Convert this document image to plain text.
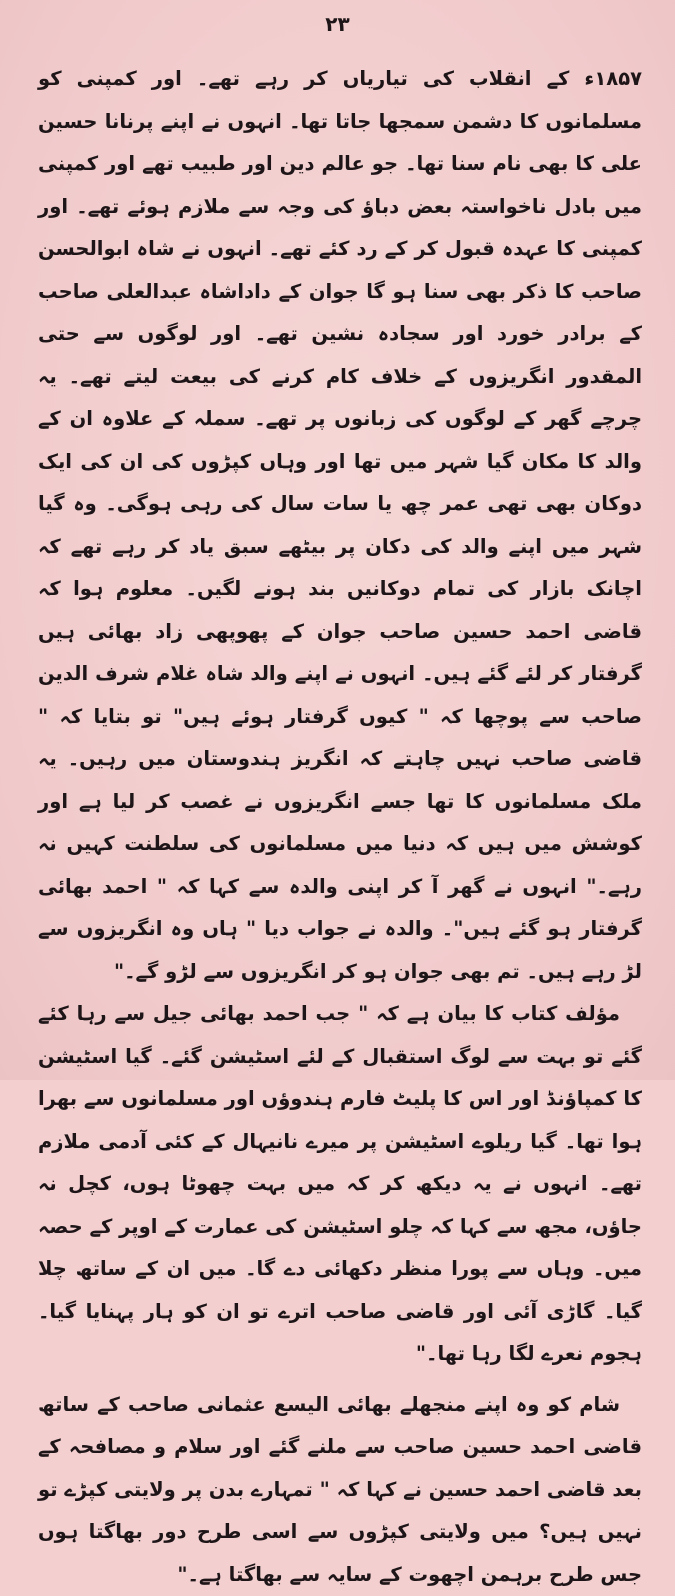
۲۳

۱۸۵۷ء کے انقلاب کی تیاریاں کر رہے تھے۔ اور کمپنی کو مسلمانوں کا دشمن سمجھا جاتا تھا۔ انہوں نے اپنے پرنانا حسین علی کا بھی نام سنا تھا۔ جو عالم دین اور طبیب تھے اور کمپنی میں بادل ناخواستہ بعض دباؤ کی وجہ سے ملازم ہوئے تھے۔ اور کمپنی کا عہدہ قبول کر کے رد کئے تھے۔ انہوں نے شاہ ابوالحسن صاحب کا ذکر بھی سنا ہو گا جوان کے داداشاہ عبدالعلی صاحب کے برادر خورد اور سجادہ نشین تھے۔ اور لوگوں سے حتی المقدور انگریزوں کے خلاف کام کرنے کی بیعت لیتے تھے۔ یہ چرچے گھر کے لوگوں کی زبانوں پر تھے۔ سملہ کے علاوہ ان کے والد کا مکان گیا شہر میں تھا اور وہاں کپڑوں کی ان کی ایک دوکان بھی تھی عمر چھ یا سات سال کی رہی ہوگی۔ وہ گیا شہر میں اپنے والد کی دکان پر بیٹھے سبق یاد کر رہے تھے کہ اچانک بازار کی تمام دوکانیں بند ہونے لگیں۔ معلوم ہوا کہ قاضی احمد حسین صاحب جوان کے پھوپھی زاد بھائی ہیں گرفتار کر لئے گئے ہیں۔ انہوں نے اپنے والد شاہ غلام شرف الدین صاحب سے پوچھا کہ " کیوں گرفتار ہوئے ہیں" تو بتایا کہ " قاضی صاحب نہیں چاہتے کہ انگریز ہندوستان میں رہیں۔ یہ ملک مسلمانوں کا تھا جسے انگریزوں نے غصب کر لیا ہے اور کوشش میں ہیں کہ دنیا میں مسلمانوں کی سلطنت کہیں نہ رہے۔" انہوں نے گھر آ کر اپنی والدہ سے کہا کہ " احمد بھائی گرفتار ہو گئے ہیں"۔ والدہ نے جواب دیا " ہاں وہ انگریزوں سے لڑ رہے ہیں۔ تم بھی جوان ہو کر انگریزوں سے لڑو گے۔"

مؤلف کتاب کا بیان ہے کہ " جب احمد بھائی جیل سے رہا کئے گئے تو بہت سے لوگ استقبال کے لئے اسٹیشن گئے۔ گیا اسٹیشن کا کمپاؤنڈ اور اس کا پلیٹ فارم ہندوؤں اور مسلمانوں سے بھرا ہوا تھا۔ گیا ریلوے اسٹیشن پر میرے نانیہال کے کئی آدمی ملازم تھے۔ انہوں نے یہ دیکھ کر کہ میں بہت چھوٹا ہوں، کچل نہ جاؤں، مجھ سے کہا کہ چلو اسٹیشن کی عمارت کے اوپر کے حصہ میں۔ وہاں سے پورا منظر دکھائی دے گا۔ میں ان کے ساتھ چلا گیا۔ گاڑی آئی اور قاضی صاحب اترے تو ان کو ہار پہنایا گیا۔ ہجوم نعرے لگا رہا تھا۔"

شام کو وہ اپنے منجھلے بھائی الیسع عثمانی صاحب کے ساتھ قاضی احمد حسین صاحب سے ملنے گئے اور سلام و مصافحہ کے بعد قاضی احمد حسین نے کہا کہ " تمہارے بدن پر ولایتی کپڑے تو نہیں ہیں؟ میں ولایتی کپڑوں سے اسی طرح دور بھاگتا ہوں جس طرح برہمن اچھوت کے سایہ سے بھاگتا ہے۔"
